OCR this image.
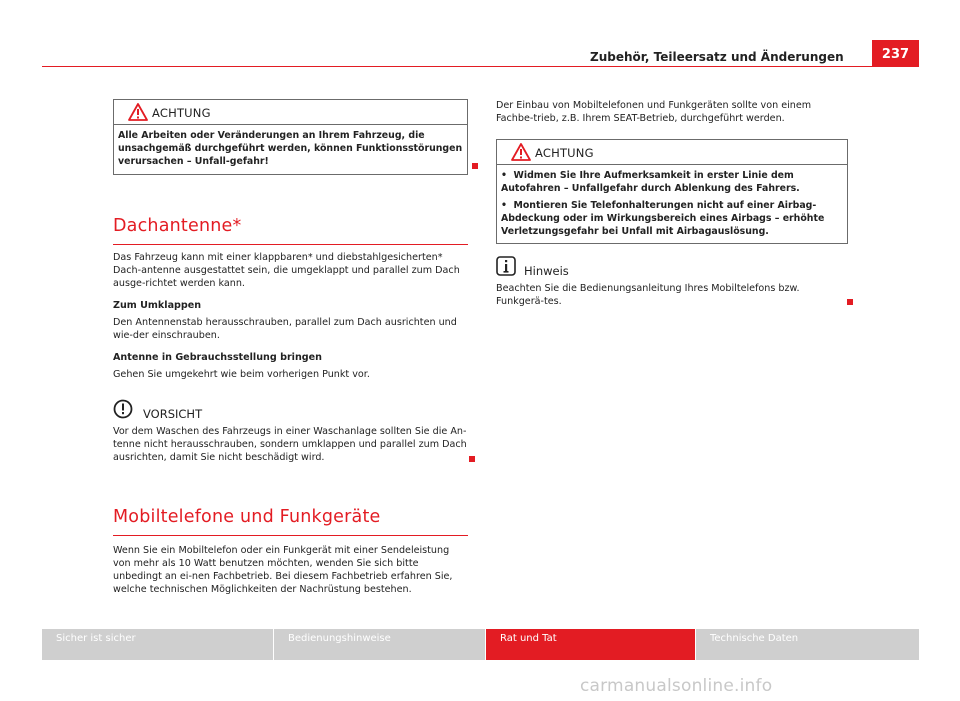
Zubehör, Teileersatz und Änderungen	237
ACHTUNG

Alle Arbeiten oder Veränderungen an Ihrem Fahrzeug, die unsachgemäß durchgeführt werden, können Funktionsstörungen verursachen – Unfall-gefahr!

Dachantenne*

Das Fahrzeug kann mit einer klappbaren* und diebstahlgesicherten* Dach-antenne ausgestattet sein, die umgeklappt und parallel zum Dach ausge-richtet werden kann.

Zum Umklappen

Den Antennenstab herausschrauben, parallel zum Dach ausrichten und wie-der einschrauben.

Antenne in Gebrauchsstellung bringen

Gehen Sie umgekehrt wie beim vorherigen Punkt vor.

VORSICHT

Vor dem Waschen des Fahrzeugs in einer Waschanlage sollten Sie die An-tenne nicht herausschrauben, sondern umklappen und parallel zum Dach ausrichten, damit Sie nicht beschädigt wird.

Mobiltelefone und Funkgeräte

Wenn Sie ein Mobiltelefon oder ein Funkgerät mit einer Sendeleistung von mehr als 10 Watt benutzen möchten, wenden Sie sich bitte unbedingt an ei-nen Fachbetrieb. Bei diesem Fachbetrieb erfahren Sie, welche technischen Möglichkeiten der Nachrüstung bestehen.

Der Einbau von Mobiltelefonen und Funkgeräten sollte von einem Fachbe-trieb, z.B. Ihrem SEAT-Betrieb, durchgeführt werden.

ACHTUNG

• Widmen Sie Ihre Aufmerksamkeit in erster Linie dem Autofahren – Unfallgefahr durch Ablenkung des Fahrers.

• Montieren Sie Telefonhalterungen nicht auf einer Airbag-Abdeckung oder im Wirkungsbereich eines Airbags – erhöhte Verletzungsgefahr bei Unfall mit Airbagauslösung.

Hinweis

Beachten Sie die Bedienungsanleitung Ihres Mobiltelefons bzw. Funkgerä-tes.

Sicher ist sicher	Bedienungshinweise	Rat und Tat	Technische Daten
carmanualsonline.info
